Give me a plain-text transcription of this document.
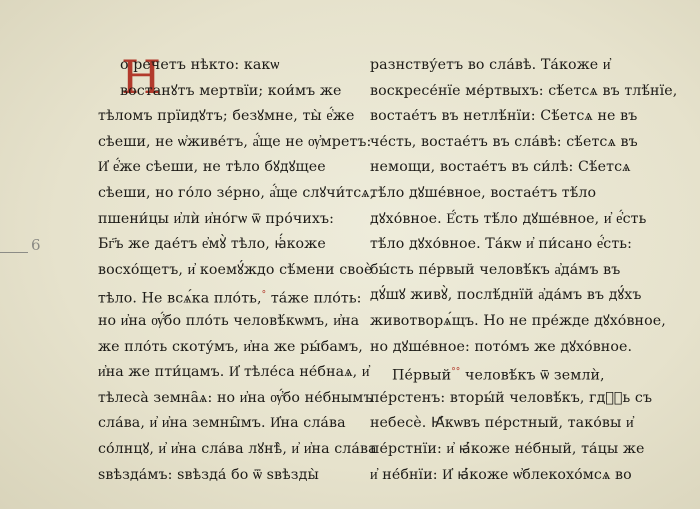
6
Н
о речетъ нѣкто: какѡ
востанꙋтъ мертвїи; кои́мъ же
тѣломъ прїидꙋтъ; безꙋмне, ты̀ е҆́же
сѣеши, не ѡ҆живе́тъ, а҆́ще не ѹ҆мретъ:
И҆ е҆́же сѣеши, не тѣло бꙋдꙋщее
сѣеши, но го́ло зе́рно, а҆́ще слꙋчи́тсѧ,
пшени́цы и҆лѝ и҆но́гѡ ѿ про́чихъ:
Бг҃ъ же дае́тъ е҆мꙋ̀ тѣло, ꙗ҆́коже
восхо́щетъ, и҆ коемꙋ́ждо сѣ́мени своѐ
тѣло. Не всѧ́ка пло́ть,° та́же пло́ть:
но и҆на ѹ҆́бо пло́ть человѣ́кѡмъ, и҆на
же пло́ть скоту́мъ, и҆на же ры́бамъ,
и҆на же пти́цамъ. И҆ тѣле́са не́бнаѧ, и҆
тѣлеса̀ земна̑ѧ: но и҆на ѹ҆́бо не́бнымъ
сла́ва, и҆ и҆на земны̑мъ. И҆на сла́ва
со́лнцꙋ, и҆ и҆на сла́ва лꙋнѣ̀, и҆ и҆на сла́ва
ѕвѣзда́мъ: ѕвѣзда́ бо ѿ ѕвѣзды̀
разнству́етъ во сла́вѣ. Та́коже и҆
воскресе́нїе ме́ртвыхъ: сѣ́етсѧ въ тлѣ́нїе,
востае́тъ въ нетлѣ́нїи: Сѣ́етсѧ не въ
че́сть, востае́тъ въ сла́вѣ: сѣ́етсѧ въ
немощи, востае́тъ въ си́лѣ: Сѣ́етсѧ
тѣ́ло дꙋше́вное, востае́тъ тѣ́ло
дꙋхо́вное. Е҆́сть тѣ́ло дꙋше́вное, и҆ е҆́сть
тѣ́ло дꙋхо́вное. Та́кѡ и҆ пи́сано е҆́сть:
бы́сть пе́рвый человѣ́къ а҆да́мъ въ
дꙋ́шꙋ живꙋ̀, послѣ́днїй а҆да́мъ въ дꙋ́хъ
животворѧ́щъ. Но не пре́жде дꙋхо́вное,
но дꙋше́вное: пото́мъ же дꙋхо́вное.
Пе́рвый°° человѣ́къ ѿ землѝ,
пе́рстенъ: вторы́й человѣ́къ, гдⷭ҇ь съ
небесѐ. Ꙗ҆́кѡвъ пе́рстный, тако́вы и҆
пе́рстнїи: и҆ ꙗ҆́коже не́бный, та́цы же
и҆ не́бнїи: И҆ ꙗ҆́коже ѡ҆блекохо́мсѧ во
